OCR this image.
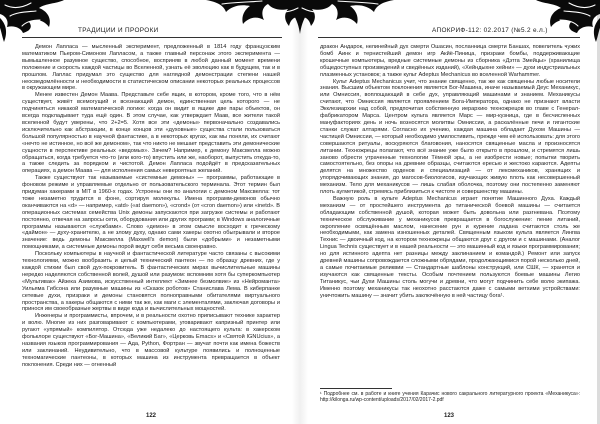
ТРАДИЦИИ И ПРОРОКИ

Демон Лапласа — мысленный эксперимент, предложенный в 1814 году французским математиком Пьером-Симоном Лапласом, а также главный персонаж этого эксперимента — вымышленное разумное существо, способное, восприняв в любой данный момент времени положение и скорость каждой частицы во Вселенной, узнать её эволюцию как в будущем, так и в прошлом. Лаплас придумал это существо для наглядной демонстрации степени нашей неосведомлённости и необходимости в статистическом описании некоторых реальных процессов в окружающем мире.

Менее известен Демон Маава. Представьте себе ящик, в котором, кроме того, что в нём существует, живёт всемогущий и всезнающий демон, единственная цель которого — не подчиняться никакой математической логике: когда он видит в ящике две пары объектов, он всегда подкладывает туда ещё один. В этом случае, как утверждает Маав, все жители такой вселенной будут уверены, что 2+2=5. Хотя все эти «демоны» первоначально создавались исключительно как абстракции, в конце концов эти «духовные» существа стали пользоваться большой популярностью в научной фантастике, а в некоторых кругах, как мы поняли, их считают «нечто не истинное, но всё же демоном», так что никто не мешает представить эти демонические сущности в перспективе реальных «ведомых». Зачем? Например, к демону Максвелла можно обращаться, когда требуется что-то (или кого-то) впустить или же, наоборот, выпустить откуда-то, а также следить за порядком и чистотой. Демон Лапласа подойдёт в предсказательных операциях, а демон Маава — для исполнения самых невероятных желаний.

Также существуют так называемые «системные демоны» — программы, работающие в фоновом режиме и управляемые отдельно от пользовательского терминала. Этот термин был придуман хакерами в MIT в 1960-х годах. Устроены они по аналогии с демоном Максвелла: тот тоже незаметно трудится в фоне, сортируя молекулы. Имена программ-демонов обычно оканчиваются на «d» — например, «atd» («at daemon»), «crond» (от «cron daemon») или «inetd». В операционных системах семейства Unix демоны запускаются при загрузке системы и работают постоянно, отвечая на запросы сети, оборудования или других программ; в Windows аналогичные программы называются «службами». Слово «демон» в этом смысле восходит к греческому «даймон» — духу-хранителю, а не злому духу, однако сами хакеры охотно обыгрывали и второе значение: ведь демоны Максвелла (Maxwell's demon) были «добрыми» и незаметными помощниками, а системные демоны порой ведут себя весьма своенравно.

Поскольку компьютеры в научной и фантастической литературе часто связаны с высокими технологиями, можно вообразить и целый технический пантеон — по образцу древних, где у каждой стихии был свой дух-покровитель. В фантастических мирах вычислительные машины нередко наделяются собственной волей, душой или разумом: вспомним хотя бы суперкомпьютер «Мультивак» Айзека Азимова, искусственный интеллект «Зимнее безмолвие» из «Нейроманта» Уильяма Гибсона или разумные машины из «Сказок роботов» Станислава Лема. В киберпанке сетевые духи, призраки и демоны становятся полноправными обитателями виртуального пространства, а хакеры общаются с ними так же, как маги с элементалями, заключая договоры и принося им своеобразные жертвы в виде кода и вычислительных мощностей.

Инженеры и программисты, впрочем, и в реальности охотно приписывают технике характер и волю. Многие из них разговаривают с компьютерами, уговаривают капризный принтер или ругают «упрямый» компилятор. Отсюда уже недалеко до настоящего культа: в хакерском фольклоре существуют «Бог-Машина», «Великий Баг», «Церковь Emacs» и «Святой IGNUcius», а названия языков программирования — Ада, Python, Фортран — звучат почти как имена божеств или заклинаний. Неудивительно, что в массовой культуре появились и полноценные техномагические пантеоны, в которых машина из инструмента превращается в объект поклонения. Среди них — огненный

122
АПОКРИФ-112: 02.2017 (№5.2 е.л.)

дракон Андарок, нелинейный дух смерти Ошасин, посланница смерти Баншах, повелитель чужих бомб Аинк и тернистейший демон игр Акйё-Пиница, призраки бомбы, поддерживающие крошечные компьютеры, вредные системные демоны из сборника «Дэтга Змейцы» (хранилища общедоступных произведений и сведённых изданий), «Хейндыхне хейни» — духи индустриальных плазменных установок; а также культ Adeptus Mechanicus во вселенной Warhammer.

Культ Adeptus Mechanicus учит, что знание священно, так же как священны любые носители знания. Высшим объектом поклонения является Бог-Машина, иначе называемый Деус Механикус, или Омниссия, воплощающий в себе дух, управляющий машинами и знанием. Механикусы считают, что Омниссия является проявлением Бога-Императора, однако не признают власти Экклезиархии над собой, предпочитая собственную иерархию техножрецов во главе с Генерал-фабрикатором Марса. Центром культа является Марс — мир-кузница, где в бесчисленных мануфакториях день и ночь возносятся молитвы Омниссии, а раскалённые печи и гигантские станки служат алтарями. Согласно их учению, каждая машина обладает Духом Машины — частицей Омниссии, — который необходимо умилостивить, прежде чем её использовать: для этого совершаются ритуалы, воскуряются благовония, наносятся священные масла и произносятся литании. Техножрецы полагают, что всё знание уже было открыто в прошлом, и стремятся лишь заново обрести утраченные технологии Тёмной эры, а не изобрести новые; попытки творить самостоятельно, без опоры на древние образцы, считаются ересью и жестоко караются. Адепты делятся на множество орденов и специализаций — от лексмехаников, хранящих и упорядочивающих знания, до магосов-биологисов, изучающих живую плоть как несовершенный механизм. Тело для механикусов — лишь слабая оболочка, поэтому они постепенно заменяют плоть аугметикой, стремясь приблизиться к чистоте и совершенству машины.

Важную роль в культе Adeptus Mechanicus играет понятие Машинного Духа. Каждый механизм — от простейшего инструмента до титанической боевой машины — считается обладающим собственной душой, которая может быть довольна или разгневана. Поэтому техническое обслуживание у механикусов превращается в богослужение: пение литаний, окропление освящённым маслом, нанесение рун и курение ладана считаются столь же необходимыми, как замена изношенных деталей. Священным языком культа является Лингва Технис — двоичный код, на котором техножрецы общаются друг с другом и с машинами. (Аналог Lingua Technis существует и в нашей реальности — это машинный код и языки программирования; но для истинного адепта нет разницы между заклинанием и командой.) Ремонт или запуск древней машины сопровождается сложными обрядами, продолжающимися порой несколько дней, а самые почитаемые реликвии — Стандартные шаблоны конструкций, или СШК, — хранятся и изучаются как священные тексты. Особым почтением пользуются боевые машины Легио Титаникус, чьи Духи Машины столь могучи и древни, что могут подчинить себе волю экипажа. Именно поэтому механикусы так неохотно расстаются даже с самыми ветхими устройствами: уничтожить машину — значит убить заключённую в ней частицу бога¹.

¹ Подробнее см. в работе и книге учения Карачис нового сакрального литературного проекта «Механикуса»: http://kilonga.ru/wp-content/uploads/2017/02/2017-2.pdf

123
